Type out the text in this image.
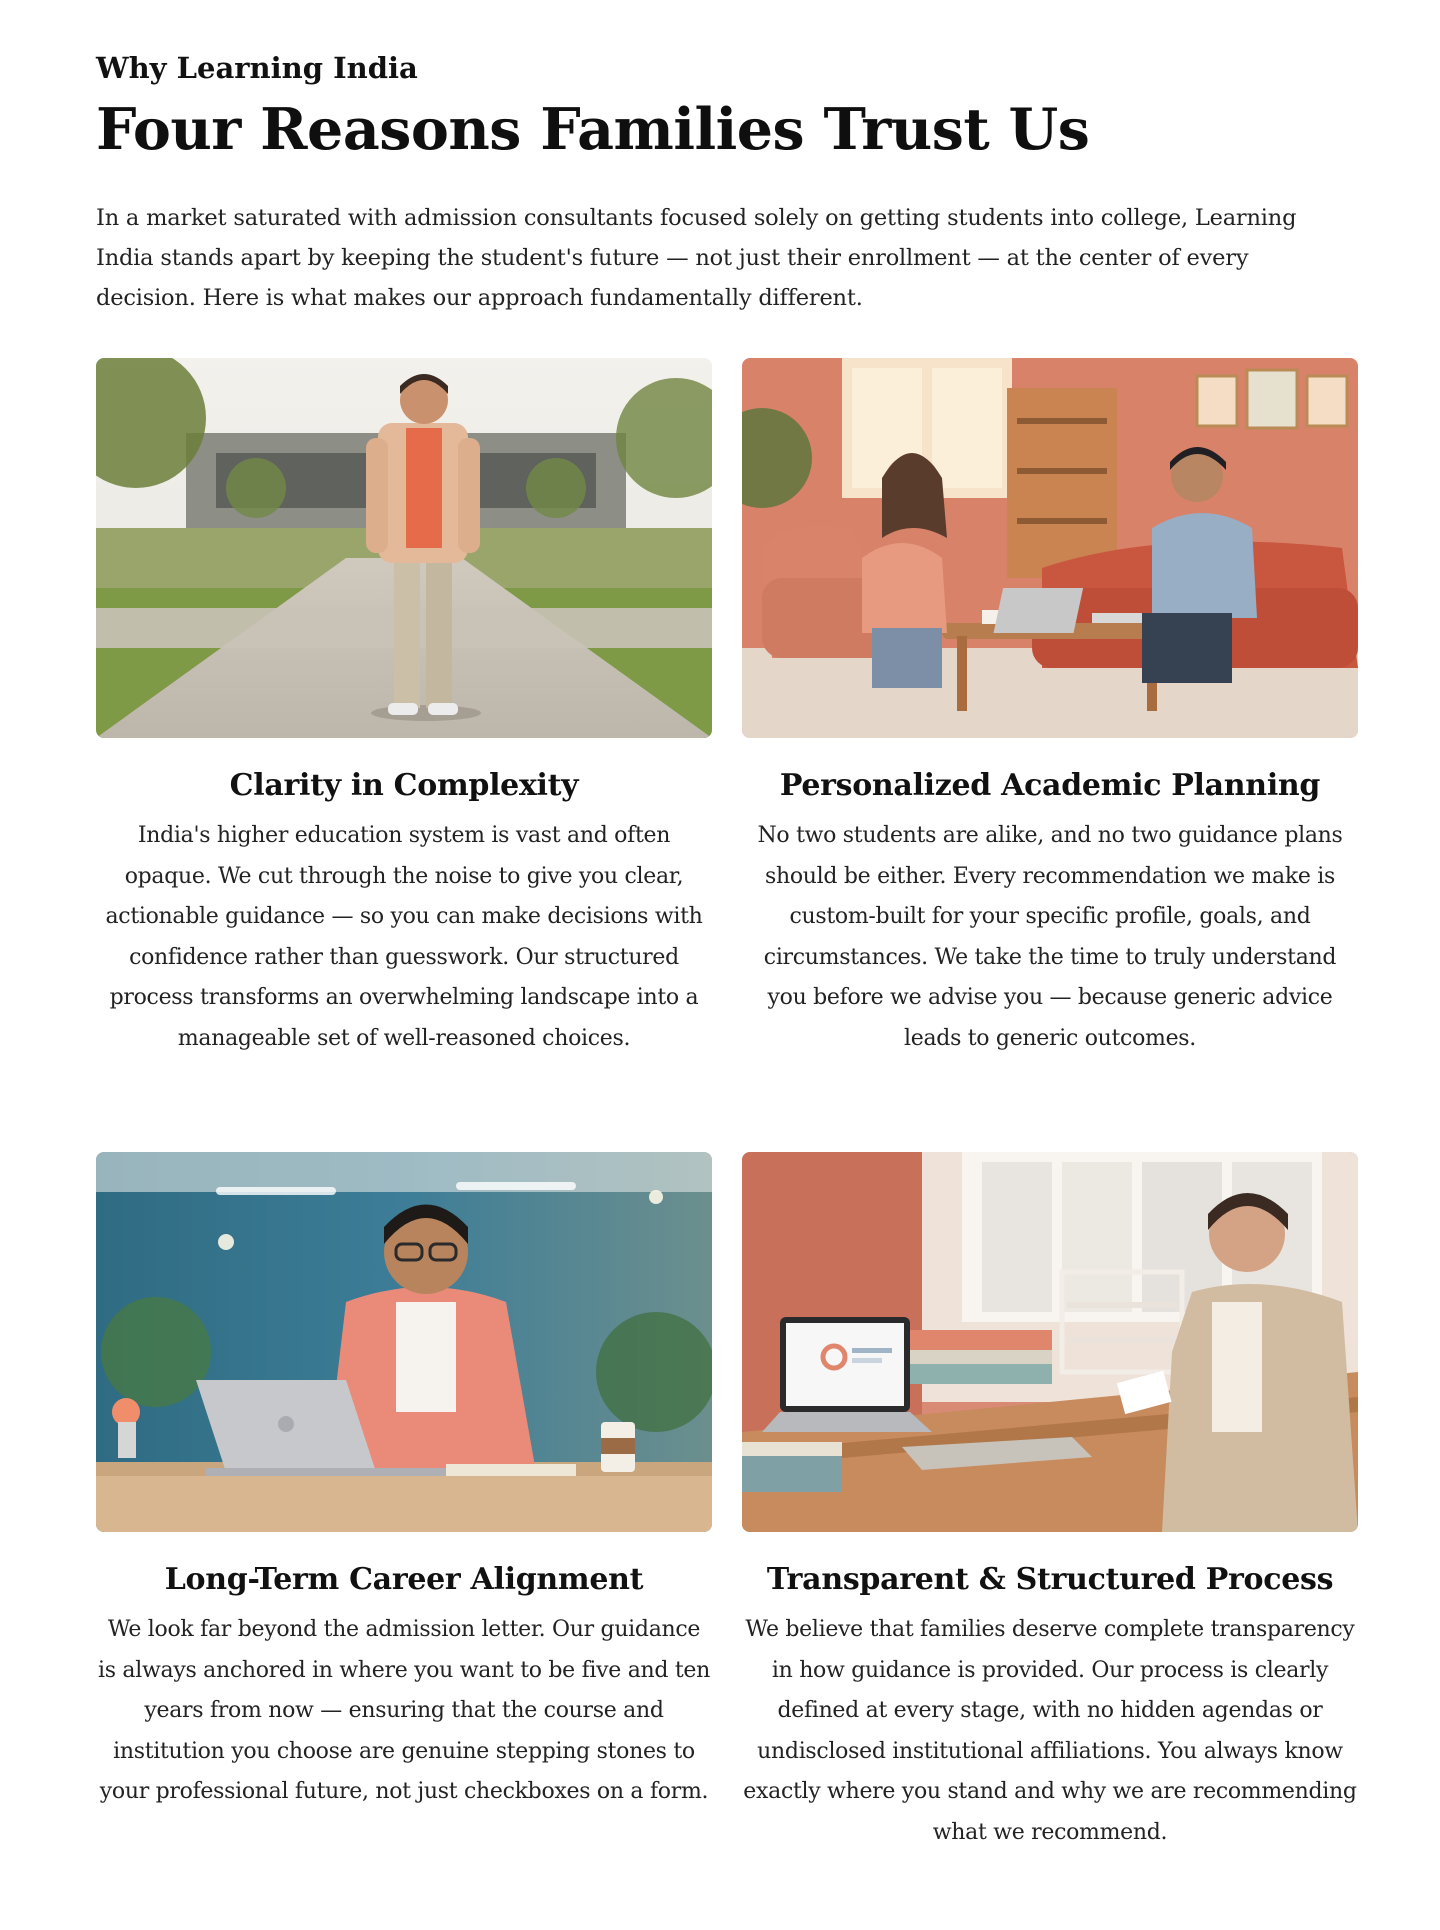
Why Learning India
Four Reasons Families Trust Us

In a market saturated with admission consultants focused solely on getting students into college, Learning India stands apart by keeping the student's future — not just their enrollment — at the center of every decision. Here is what makes our approach fundamentally different.

Clarity in Complexity

India's higher education system is vast and often opaque. We cut through the noise to give you clear, actionable guidance — so you can make decisions with confidence rather than guesswork. Our structured process transforms an overwhelming landscape into a manageable set of well-reasoned choices.

Personalized Academic Planning

No two students are alike, and no two guidance plans should be either. Every recommendation we make is custom-built for your specific profile, goals, and circumstances. We take the time to truly understand you before we advise you — because generic advice leads to generic outcomes.

Long-Term Career Alignment

We look far beyond the admission letter. Our guidance is always anchored in where you want to be five and ten years from now — ensuring that the course and institution you choose are genuine stepping stones to your professional future, not just checkboxes on a form.

Transparent & Structured Process

We believe that families deserve complete transparency in how guidance is provided. Our process is clearly defined at every stage, with no hidden agendas or undisclosed institutional affiliations. You always know exactly where you stand and why we are recommending what we recommend.
